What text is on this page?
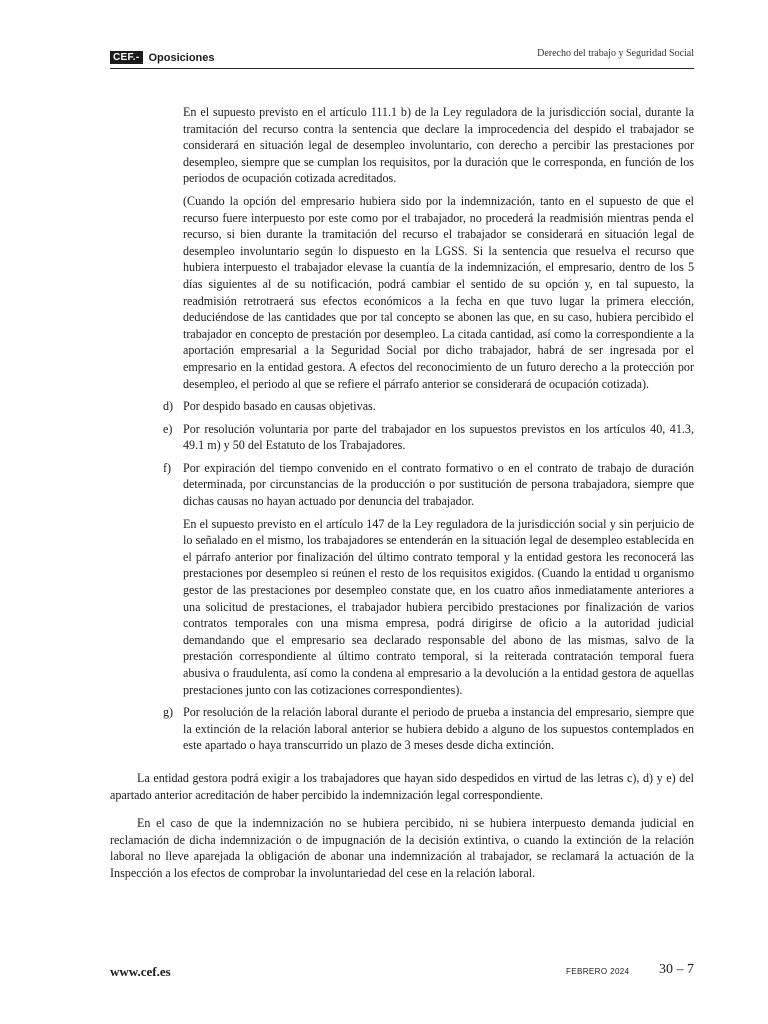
CEF.- Oposiciones	Derecho del trabajo y Seguridad Social

En el supuesto previsto en el artículo 111.1 b) de la Ley reguladora de la jurisdicción social, durante la tramitación del recurso contra la sentencia que declare la improcedencia del despido el trabajador se considerará en situación legal de desempleo involuntario, con derecho a percibir las prestaciones por desempleo, siempre que se cumplan los requisitos, por la duración que le corresponda, en función de los periodos de ocupación cotizada acreditados.

(Cuando la opción del empresario hubiera sido por la indemnización, tanto en el supuesto de que el recurso fuere interpuesto por este como por el trabajador, no procederá la readmisión mientras penda el recurso, si bien durante la tramitación del recurso el trabajador se considerará en situación legal de desempleo involuntario según lo dispuesto en la LGSS. Si la sentencia que resuelva el recurso que hubiera interpuesto el trabajador elevase la cuantía de la indemnización, el empresario, dentro de los 5 días siguientes al de su notificación, podrá cambiar el sentido de su opción y, en tal supuesto, la readmisión retrotraerá sus efectos económicos a la fecha en que tuvo lugar la primera elección, deduciéndose de las cantidades que por tal concepto se abonen las que, en su caso, hubiera percibido el trabajador en concepto de prestación por desempleo. La citada cantidad, así como la correspondiente a la aportación empresarial a la Seguridad Social por dicho trabajador, habrá de ser ingresada por el empresario en la entidad gestora. A efectos del reconocimiento de un futuro derecho a la protección por desempleo, el periodo al que se refiere el párrafo anterior se considerará de ocupación cotizada).

d) Por despido basado en causas objetivas.

e) Por resolución voluntaria por parte del trabajador en los supuestos previstos en los artículos 40, 41.3, 49.1 m) y 50 del Estatuto de los Trabajadores.

f) Por expiración del tiempo convenido en el contrato formativo o en el contrato de trabajo de duración determinada, por circunstancias de la producción o por sustitución de persona trabajadora, siempre que dichas causas no hayan actuado por denuncia del trabajador.

En el supuesto previsto en el artículo 147 de la Ley reguladora de la jurisdicción social y sin perjuicio de lo señalado en el mismo, los trabajadores se entenderán en la situación legal de desempleo establecida en el párrafo anterior por finalización del último contrato temporal y la entidad gestora les reconocerá las prestaciones por desempleo si reúnen el resto de los requisitos exigidos. (Cuando la entidad u organismo gestor de las prestaciones por desempleo constate que, en los cuatro años inmediatamente anteriores a una solicitud de prestaciones, el trabajador hubiera percibido prestaciones por finalización de varios contratos temporales con una misma empresa, podrá dirigirse de oficio a la autoridad judicial demandando que el empresario sea declarado responsable del abono de las mismas, salvo de la prestación correspondiente al último contrato temporal, si la reiterada contratación temporal fuera abusiva o fraudulenta, así como la condena al empresario a la devolución a la entidad gestora de aquellas prestaciones junto con las cotizaciones correspondientes).

g) Por resolución de la relación laboral durante el periodo de prueba a instancia del empresario, siempre que la extinción de la relación laboral anterior se hubiera debido a alguno de los supuestos contemplados en este apartado o haya transcurrido un plazo de 3 meses desde dicha extinción.

La entidad gestora podrá exigir a los trabajadores que hayan sido despedidos en virtud de las letras c), d) y e) del apartado anterior acreditación de haber percibido la indemnización legal correspondiente.

En el caso de que la indemnización no se hubiera percibido, ni se hubiera interpuesto demanda judicial en reclamación de dicha indemnización o de impugnación de la decisión extintiva, o cuando la extinción de la relación laboral no lleve aparejada la obligación de abonar una indemnización al trabajador, se reclamará la actuación de la Inspección a los efectos de comprobar la involuntariedad del cese en la relación laboral.

www.cef.es	FEBRERO 2024 30 – 7
